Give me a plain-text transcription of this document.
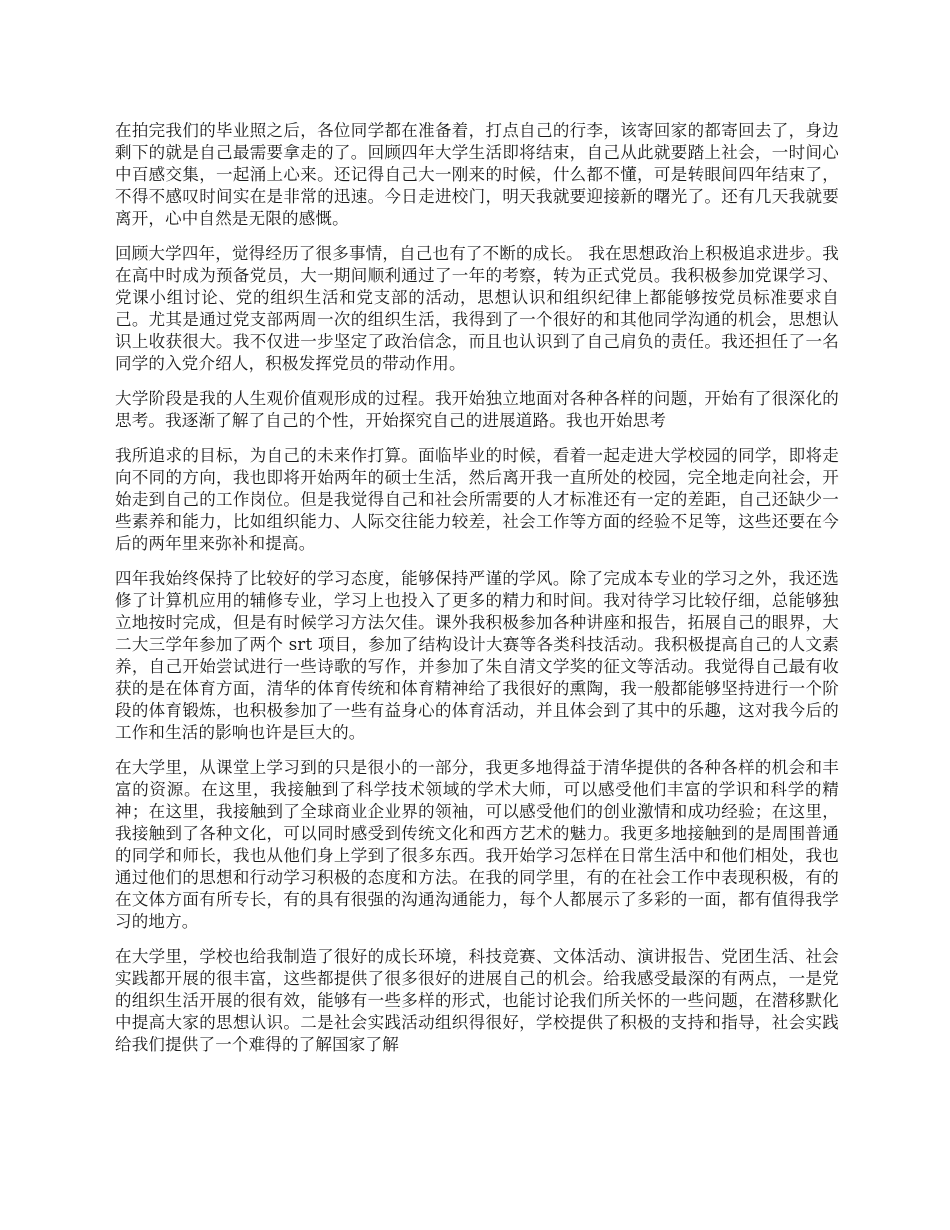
在拍完我们的毕业照之后，各位同学都在准备着，打点自己的行李，该寄回家的都寄回去了，身边剩下的就是自己最需要拿走的了。回顾四年大学生活即将结束，自己从此就要踏上社会，一时间心中百感交集，一起涌上心来。还记得自己大一刚来的时候，什么都不懂，可是转眼间四年结束了，不得不感叹时间实在是非常的迅速。今日走进校门，明天我就要迎接新的曙光了。还有几天我就要离开，心中自然是无限的感慨。

回顾大学四年，觉得经历了很多事情，自己也有了不断的成长。 我在思想政治上积极追求进步。我在高中时成为预备党员，大一期间顺利通过了一年的考察，转为正式党员。我积极参加党课学习、党课小组讨论、党的组织生活和党支部的活动，思想认识和组织纪律上都能够按党员标准要求自己。尤其是通过党支部两周一次的组织生活，我得到了一个很好的和其他同学沟通的机会，思想认识上收获很大。我不仅进一步坚定了政治信念，而且也认识到了自己肩负的责任。我还担任了一名同学的入党介绍人，积极发挥党员的带动作用。

大学阶段是我的人生观价值观形成的过程。我开始独立地面对各种各样的问题，开始有了很深化的思考。我逐渐了解了自己的个性，开始探究自己的进展道路。我也开始思考

我所追求的目标，为自己的未来作打算。面临毕业的时候，看着一起走进大学校园的同学，即将走向不同的方向，我也即将开始两年的硕士生活，然后离开我一直所处的校园，完全地走向社会，开始走到自己的工作岗位。但是我觉得自己和社会所需要的人才标准还有一定的差距，自己还缺少一些素养和能力，比如组织能力、人际交往能力较差，社会工作等方面的经验不足等，这些还要在今后的两年里来弥补和提高。

四年我始终保持了比较好的学习态度，能够保持严谨的学风。除了完成本专业的学习之外，我还选修了计算机应用的辅修专业，学习上也投入了更多的精力和时间。我对待学习比较仔细，总能够独立地按时完成，但是有时候学习方法欠佳。课外我积极参加各种讲座和报告，拓展自己的眼界，大二大三学年参加了两个 srt 项目，参加了结构设计大赛等各类科技活动。我积极提高自己的人文素养，自己开始尝试进行一些诗歌的写作，并参加了朱自清文学奖的征文等活动。我觉得自己最有收获的是在体育方面，清华的体育传统和体育精神给了我很好的熏陶，我一般都能够坚持进行一个阶段的体育锻炼，也积极参加了一些有益身心的体育活动，并且体会到了其中的乐趣，这对我今后的工作和生活的影响也许是巨大的。

在大学里，从课堂上学习到的只是很小的一部分，我更多地得益于清华提供的各种各样的机会和丰富的资源。在这里，我接触到了科学技术领域的学术大师，可以感受他们丰富的学识和科学的精神；在这里，我接触到了全球商业企业界的领袖，可以感受他们的创业激情和成功经验；在这里，我接触到了各种文化，可以同时感受到传统文化和西方艺术的魅力。我更多地接触到的是周围普通的同学和师长，我也从他们身上学到了很多东西。我开始学习怎样在日常生活中和他们相处，我也通过他们的思想和行动学习积极的态度和方法。在我的同学里，有的在社会工作中表现积极，有的在文体方面有所专长，有的具有很强的沟通沟通能力，每个人都展示了多彩的一面，都有值得我学习的地方。

在大学里，学校也给我制造了很好的成长环境，科技竞赛、文体活动、演讲报告、党团生活、社会实践都开展的很丰富，这些都提供了很多很好的进展自己的机会。给我感受最深的有两点，一是党的组织生活开展的很有效，能够有一些多样的形式，也能讨论我们所关怀的一些问题，在潜移默化中提高大家的思想认识。二是社会实践活动组织得很好，学校提供了积极的支持和指导，社会实践给我们提供了一个难得的了解国家了解
